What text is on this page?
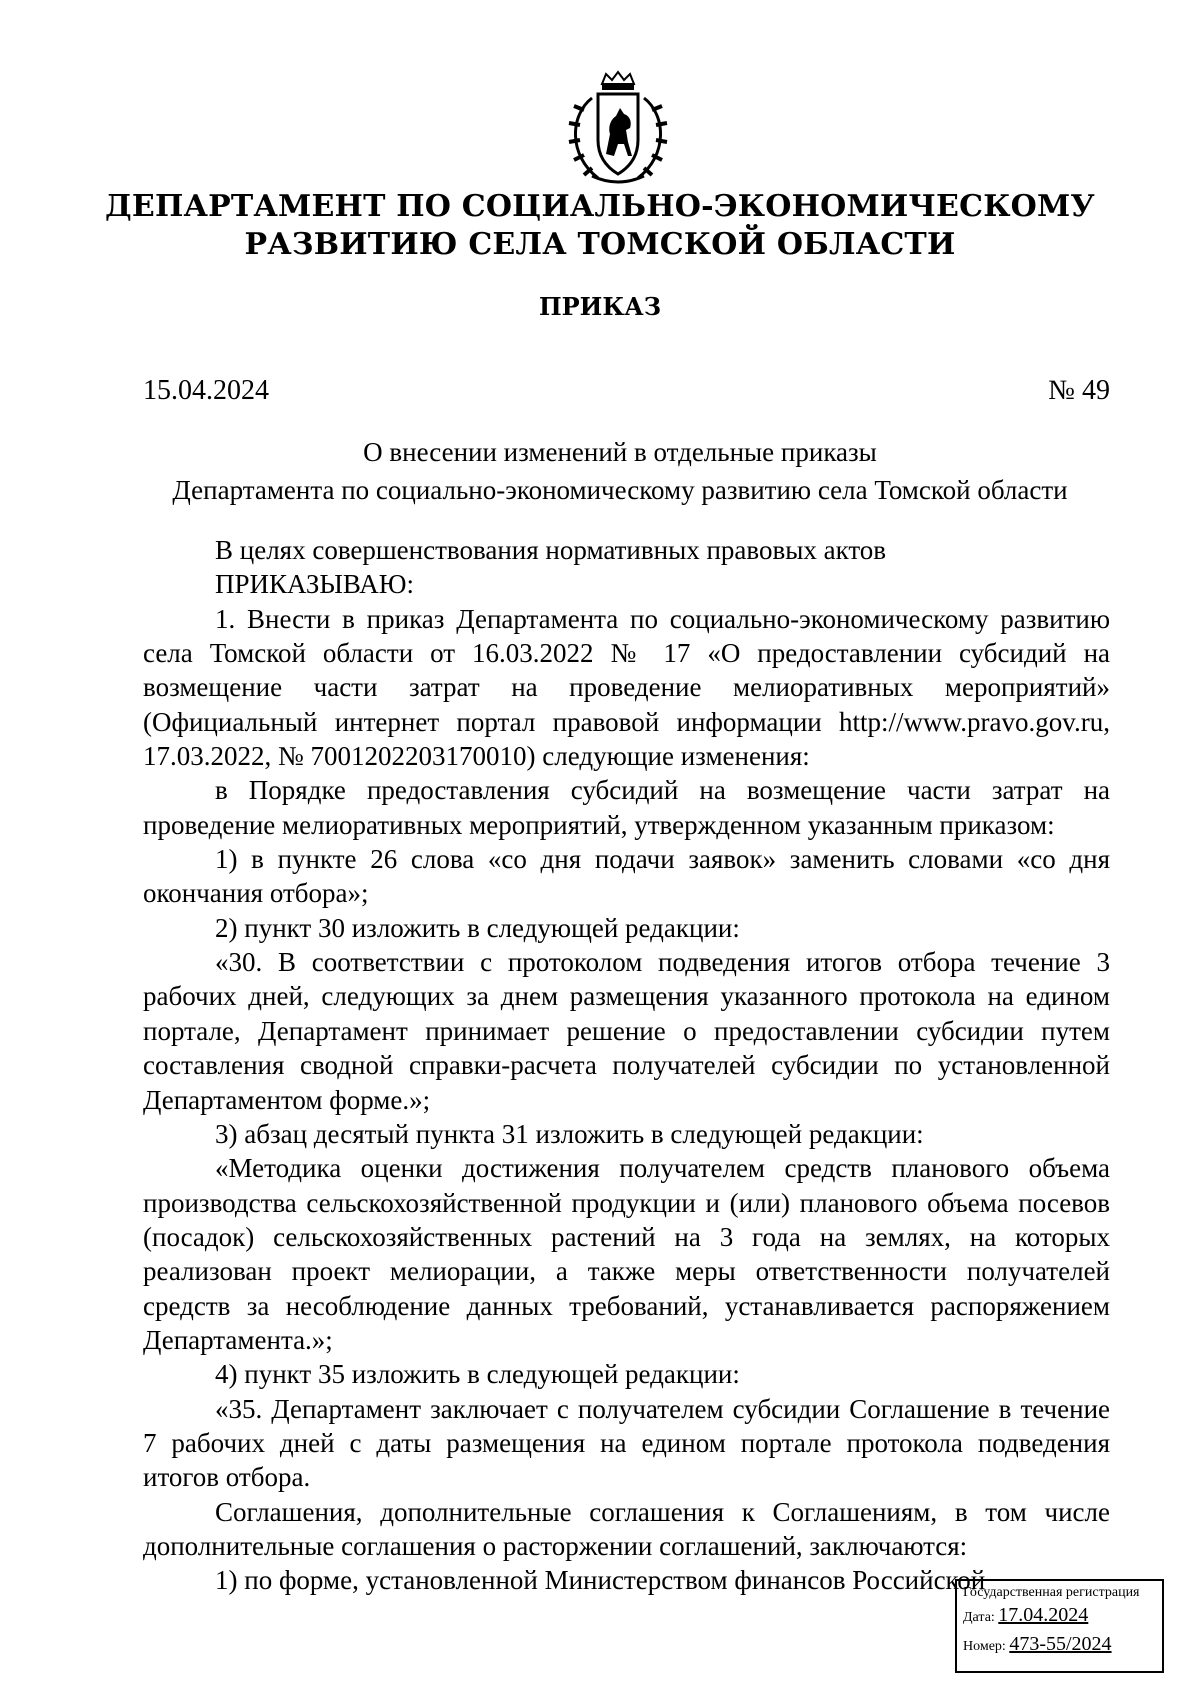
ДЕПАРТАМЕНТ ПО СОЦИАЛЬНО-ЭКОНОМИЧЕСКОМУ
РАЗВИТИЮ СЕЛА ТОМСКОЙ ОБЛАСТИ
ПРИКАЗ
15.04.2024	№ 49
О внесении изменений в отдельные приказы
Департамента по социально-экономическому развитию села Томской области

В целях совершенствования нормативных правовых актов

ПРИКАЗЫВАЮ:

1. Внести в приказ Департамента по социально-экономическому развитию села Томской области от 16.03.2022 № 17 «О предоставлении субсидий на возмещение части затрат на проведение мелиоративных мероприятий» (Официальный интернет портал правовой информации http://www.pravo.gov.ru, 17.03.2022, № 7001202203170010) следующие изменения:

в Порядке предоставления субсидий на возмещение части затрат на проведение мелиоративных мероприятий, утвержденном указанным приказом:

1) в пункте 26 слова «со дня подачи заявок» заменить словами «со дня окончания отбора»;

2) пункт 30 изложить в следующей редакции:

«30. В соответствии с протоколом подведения итогов отбора течение 3 рабочих дней, следующих за днем размещения указанного протокола на едином портале, Департамент принимает решение о предоставлении субсидии путем составления сводной справки-расчета получателей субсидии по установленной Департаментом форме.»;

3) абзац десятый пункта 31 изложить в следующей редакции:

«Методика оценки достижения получателем средств планового объема производства сельскохозяйственной продукции и (или) планового объема посевов (посадок) сельскохозяйственных растений на 3 года на землях, на которых реализован проект мелиорации, а также меры ответственности получателей средств за несоблюдение данных требований, устанавливается распоряжением Департамента.»;

4) пункт 35 изложить в следующей редакции:

«35. Департамент заключает с получателем субсидии Соглашение в течение 7 рабочих дней с даты размещения на едином портале протокола подведения итогов отбора.

Соглашения, дополнительные соглашения к Соглашениям, в том числе дополнительные соглашения о расторжении соглашений, заключаются:

1) по форме, установленной Министерством финансов Российской

Государственная регистрация
Дата: 17.04.2024
Номер: 473-55/2024
